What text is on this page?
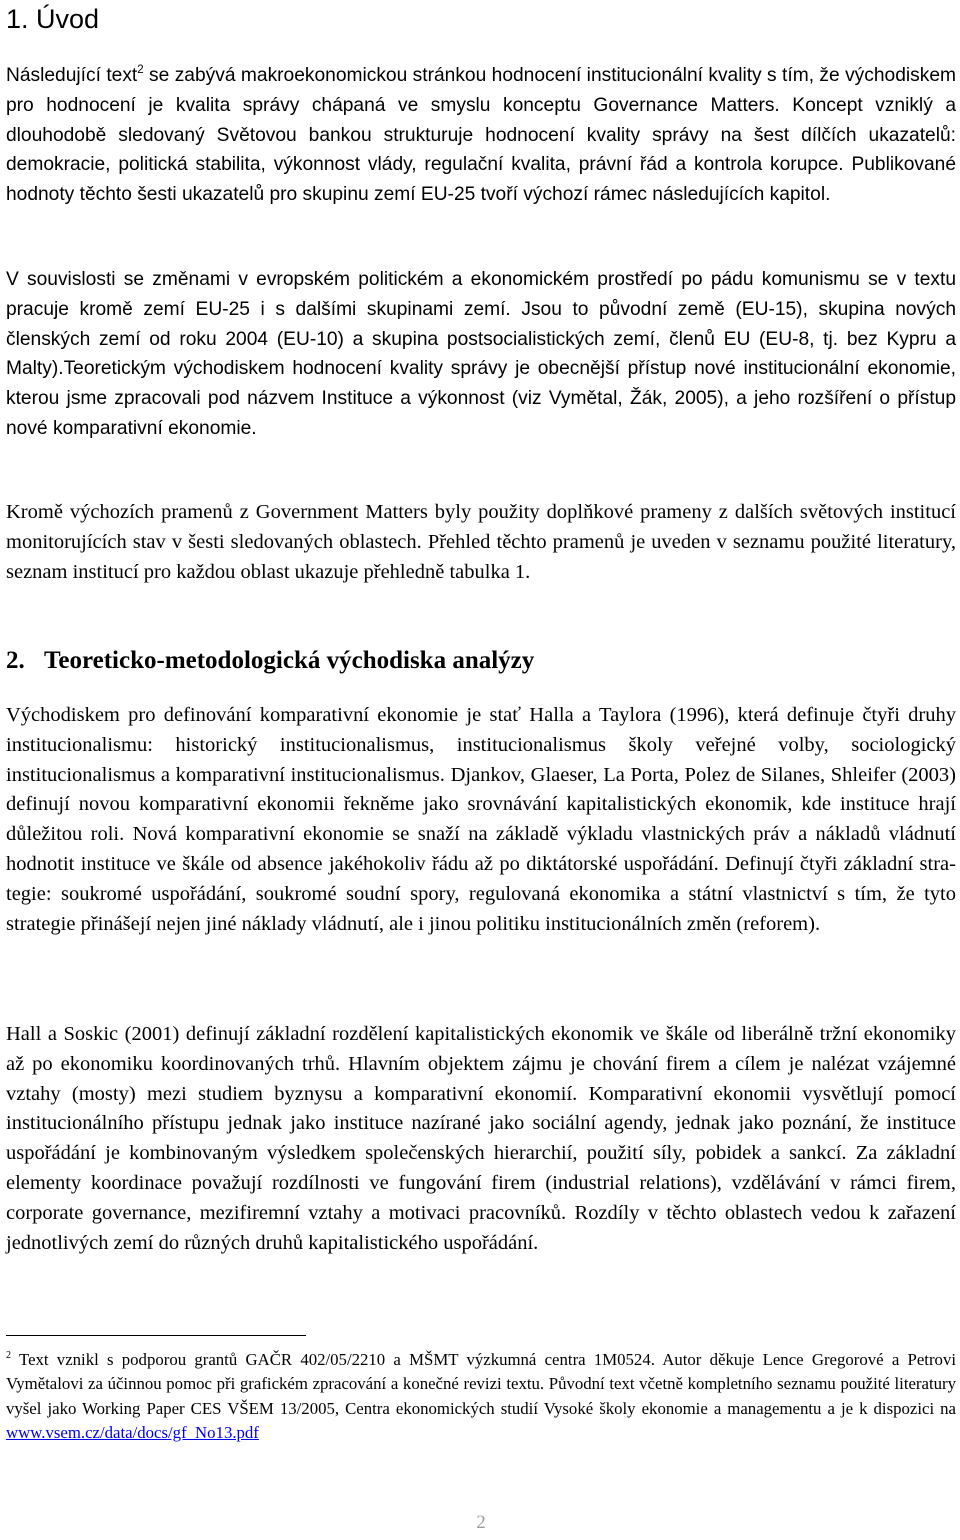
1. Úvod
Následující text$^2$ se zabývá makroekonomickou stránkou hodnocení institucionální kvality s tím, že východiskem pro hodnocení je kvalita správy chápaná ve smyslu konceptu Governance Matters. Koncept vzniklý a dlouhodobě sledovaný Světovou bankou strukturuje hodnocení kvality správy na šest dílčích ukazatelů: demokracie, politická stabilita, výkonnost vlády, regulační kvalita, právní řád a kontrola korupce. Publikované hodnoty těchto šesti ukazatelů pro skupinu zemí EU-25 tvoří výchozí rámec následujících kapitol.
V souvislosti se změnami v evropském politickém a ekonomickém prostředí po pádu komunismu se v textu pracuje kromě zemí EU-25 i s dalšími skupinami zemí. Jsou to původní země (EU-15), skupina nových členských zemí od roku 2004 (EU-10) a skupina postsocialistických zemí, členů EU (EU-8, tj. bez Kypru a Malty).Teoretickým východiskem hodnocení kvality správy je obecnější přístup nové institucionální ekonomie, kterou jsme zpracovali pod názvem Instituce a výkonnost (viz Vymětal, Žák, 2005), a jeho rozšíření o přístup nové komparativní ekonomie.
Kromě výchozích pramenů z Government Matters byly použity doplňkové prameny z dalších světových institucí monitorujících stav v šesti sledovaných oblastech. Přehled těchto pramenů je uveden v seznamu použité literatury, seznam institucí pro každou oblast ukazuje přehledně tabulka 1.
2. Teoreticko-metodologická východiska analýzy
Východiskem pro definování komparativní ekonomie je stať Halla a Taylora (1996), která definuje čtyři druhy institucionalismu: historický institucionalismus, institucionalismus školy veřejné volby, sociologický institucionalismus a komparativní institucionalismus. Djankov, Glaeser, La Porta, Polez de Silanes, Shleifer (2003) definují novou komparativní ekonomii řekněme jako srovnávání kapitalistických ekonomik, kde instituce hrají důležitou roli. Nová komparativní ekonomie se snaží na základě výkladu vlastnických práv a nákladů vládnutí hodnotit instituce ve škále od absence jakéhokoliv řádu až po diktátorské uspořádání. Definují čtyři základní strategie: soukromé uspořádání, soukromé soudní spory, regulovaná ekonomika a státní vlastnictví s tím, že tyto strategie přinášejí nejen jiné náklady vládnutí, ale i jinou politiku institucionálních změn (reforem).
Hall a Soskic (2001) definují základní rozdělení kapitalistických ekonomik ve škále od liberálně tržní ekonomiky až po ekonomiku koordinovaných trhů. Hlavním objektem zájmu je chování firem a cílem je nalézat vzájemné vztahy (mosty) mezi studiem byznysu a komparativní ekonomií. Komparativní ekonomii vysvětlují pomocí institucionálního přístupu jednak jako instituce nazírané jako sociální agendy, jednak jako poznání, že instituce uspořádání je kombinovaným výsledkem společenských hierarchií, použití síly, pobidek a sankcí. Za základní elementy koordinace považují rozdílnosti ve fungování firem (industrial relations), vzdělávání v rámci firem, corporate governance, mezifiremní vztahy a motivaci pracovníků. Rozdíly v těchto oblastech vedou k zařazení jednotlivých zemí do různých druhů kapitalistického uspořádání.
$^2$ Text vznikl s podporou grantů GAČR 402/05/2210 a MŠMT výzkumná centra 1M0524. Autor děkuje Lence Gregorové a Petrovi Vymětalovi za účinnou pomoc při grafickém zpracování a konečné revizi textu. Původní text včetně kompletního seznamu použité literatury vyšel jako Working Paper CES VŠEM 13/2005, Centra ekonomických studií Vysoké školy ekonomie a managementu a je k dispozici na www.vsem.cz/data/docs/gf_No13.pdf
2
